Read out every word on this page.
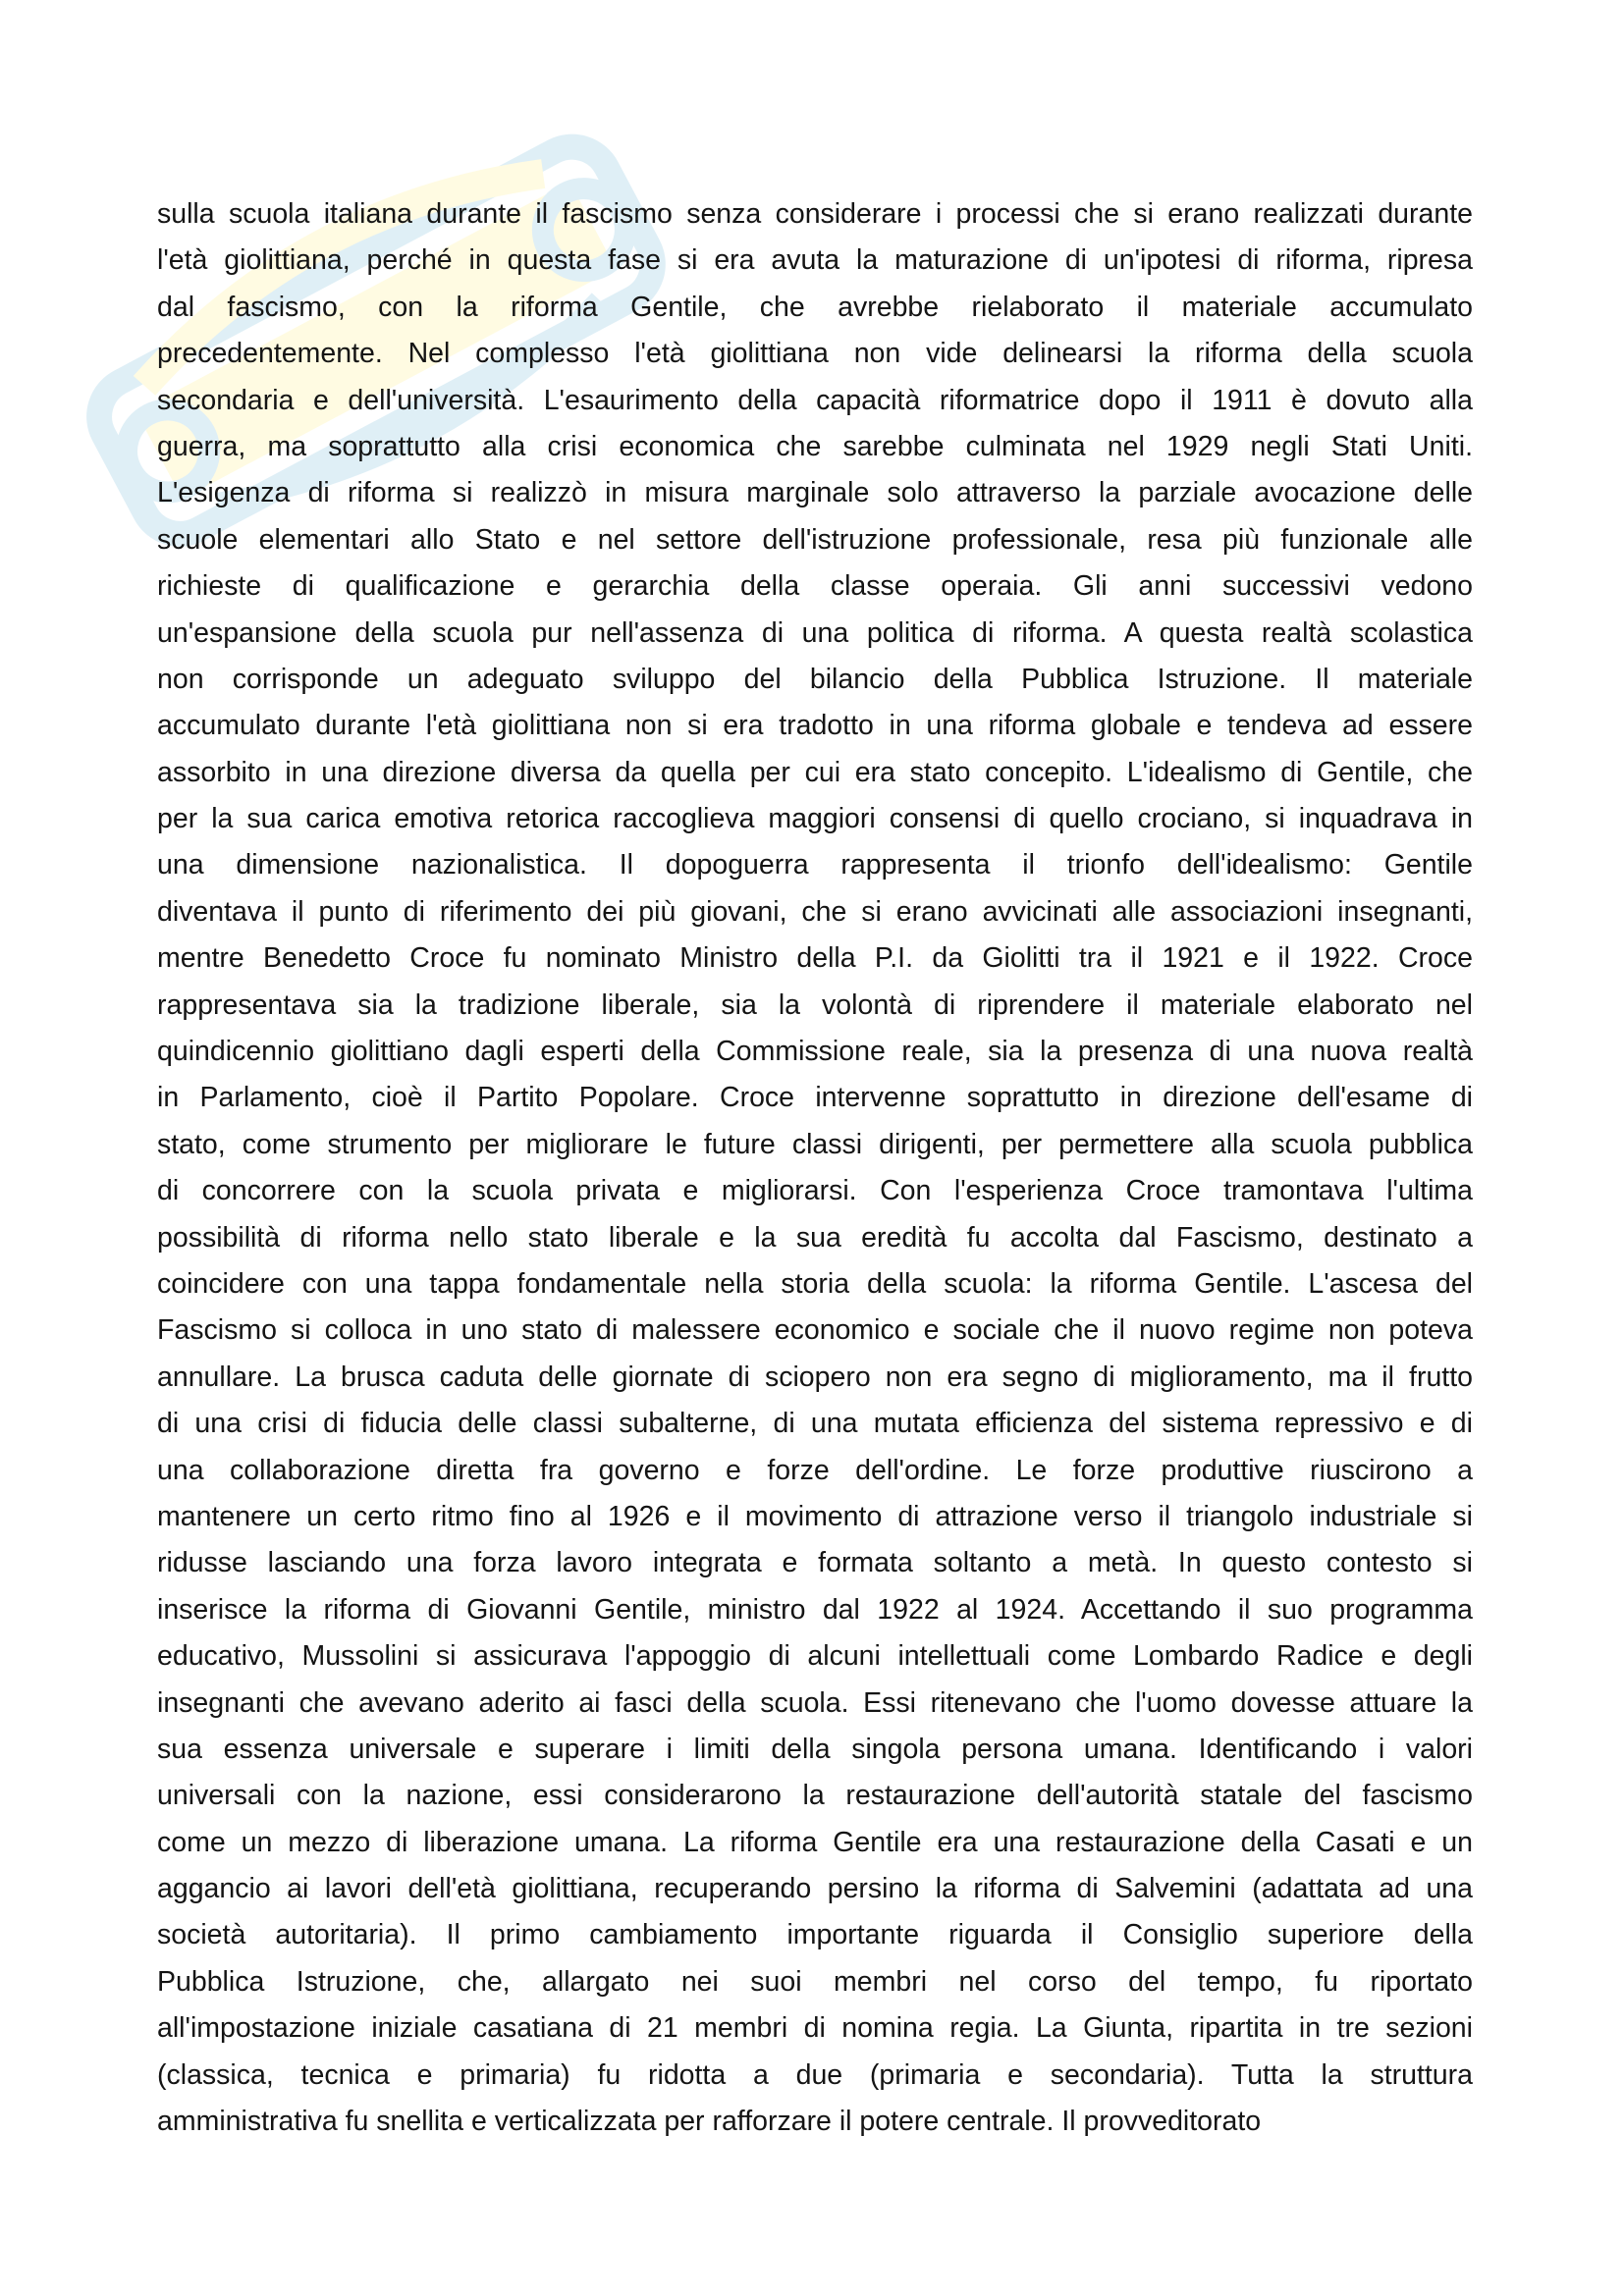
sulla scuola italiana durante il fascismo senza considerare i processi che si erano realizzati durante
l'età giolittiana, perché in questa fase si era avuta la maturazione di un'ipotesi di riforma, ripresa
dal fascismo, con la riforma Gentile, che avrebbe rielaborato il materiale accumulato
precedentemente. Nel complesso l'età giolittiana non vide delinearsi la riforma della scuola
secondaria e dell'università. L'esaurimento della capacità riformatrice dopo il 1911 è dovuto alla
guerra, ma soprattutto alla crisi economica che sarebbe culminata nel 1929 negli Stati Uniti.
L'esigenza di riforma si realizzò in misura marginale solo attraverso la parziale avocazione delle
scuole elementari allo Stato e nel settore dell'istruzione professionale, resa più funzionale alle
richieste di qualificazione e gerarchia della classe operaia. Gli anni successivi vedono
un'espansione della scuola pur nell'assenza di una politica di riforma. A questa realtà scolastica
non corrisponde un adeguato sviluppo del bilancio della Pubblica Istruzione. Il materiale
accumulato durante l'età giolittiana non si era tradotto in una riforma globale e tendeva ad essere
assorbito in una direzione diversa da quella per cui era stato concepito. L'idealismo di Gentile, che
per la sua carica emotiva retorica raccoglieva maggiori consensi di quello crociano, si inquadrava in
una dimensione nazionalistica. Il dopoguerra rappresenta il trionfo dell'idealismo: Gentile
diventava il punto di riferimento dei più giovani, che si erano avvicinati alle associazioni insegnanti,
mentre Benedetto Croce fu nominato Ministro della P.I. da Giolitti tra il 1921 e il 1922. Croce
rappresentava sia la tradizione liberale, sia la volontà di riprendere il materiale elaborato nel
quindicennio giolittiano dagli esperti della Commissione reale, sia la presenza di una nuova realtà
in Parlamento, cioè il Partito Popolare. Croce intervenne soprattutto in direzione dell'esame di
stato, come strumento per migliorare le future classi dirigenti, per permettere alla scuola pubblica
di concorrere con la scuola privata e migliorarsi. Con l'esperienza Croce tramontava l'ultima
possibilità di riforma nello stato liberale e la sua eredità fu accolta dal Fascismo, destinato a
coincidere con una tappa fondamentale nella storia della scuola: la riforma Gentile. L'ascesa del
Fascismo si colloca in uno stato di malessere economico e sociale che il nuovo regime non poteva
annullare. La brusca caduta delle giornate di sciopero non era segno di miglioramento, ma il frutto
di una crisi di fiducia delle classi subalterne, di una mutata efficienza del sistema repressivo e di
una collaborazione diretta fra governo e forze dell'ordine. Le forze produttive riuscirono a
mantenere un certo ritmo fino al 1926 e il movimento di attrazione verso il triangolo industriale si
ridusse lasciando una forza lavoro integrata e formata soltanto a metà. In questo contesto si
inserisce la riforma di Giovanni Gentile, ministro dal 1922 al 1924. Accettando il suo programma
educativo, Mussolini si assicurava l'appoggio di alcuni intellettuali come Lombardo Radice e degli
insegnanti che avevano aderito ai fasci della scuola. Essi ritenevano che l'uomo dovesse attuare la
sua essenza universale e superare i limiti della singola persona umana. Identificando i valori
universali con la nazione, essi considerarono la restaurazione dell'autorità statale del fascismo
come un mezzo di liberazione umana. La riforma Gentile era una restaurazione della Casati e un
aggancio ai lavori dell'età giolittiana, recuperando persino la riforma di Salvemini (adattata ad una
società autoritaria). Il primo cambiamento importante riguarda il Consiglio superiore della
Pubblica Istruzione, che, allargato nei suoi membri nel corso del tempo, fu riportato
all'impostazione iniziale casatiana di 21 membri di nomina regia. La Giunta, ripartita in tre sezioni
(classica, tecnica e primaria) fu ridotta a due (primaria e secondaria). Tutta la struttura
amministrativa fu snellita e verticalizzata per rafforzare il potere centrale. Il provveditorato
